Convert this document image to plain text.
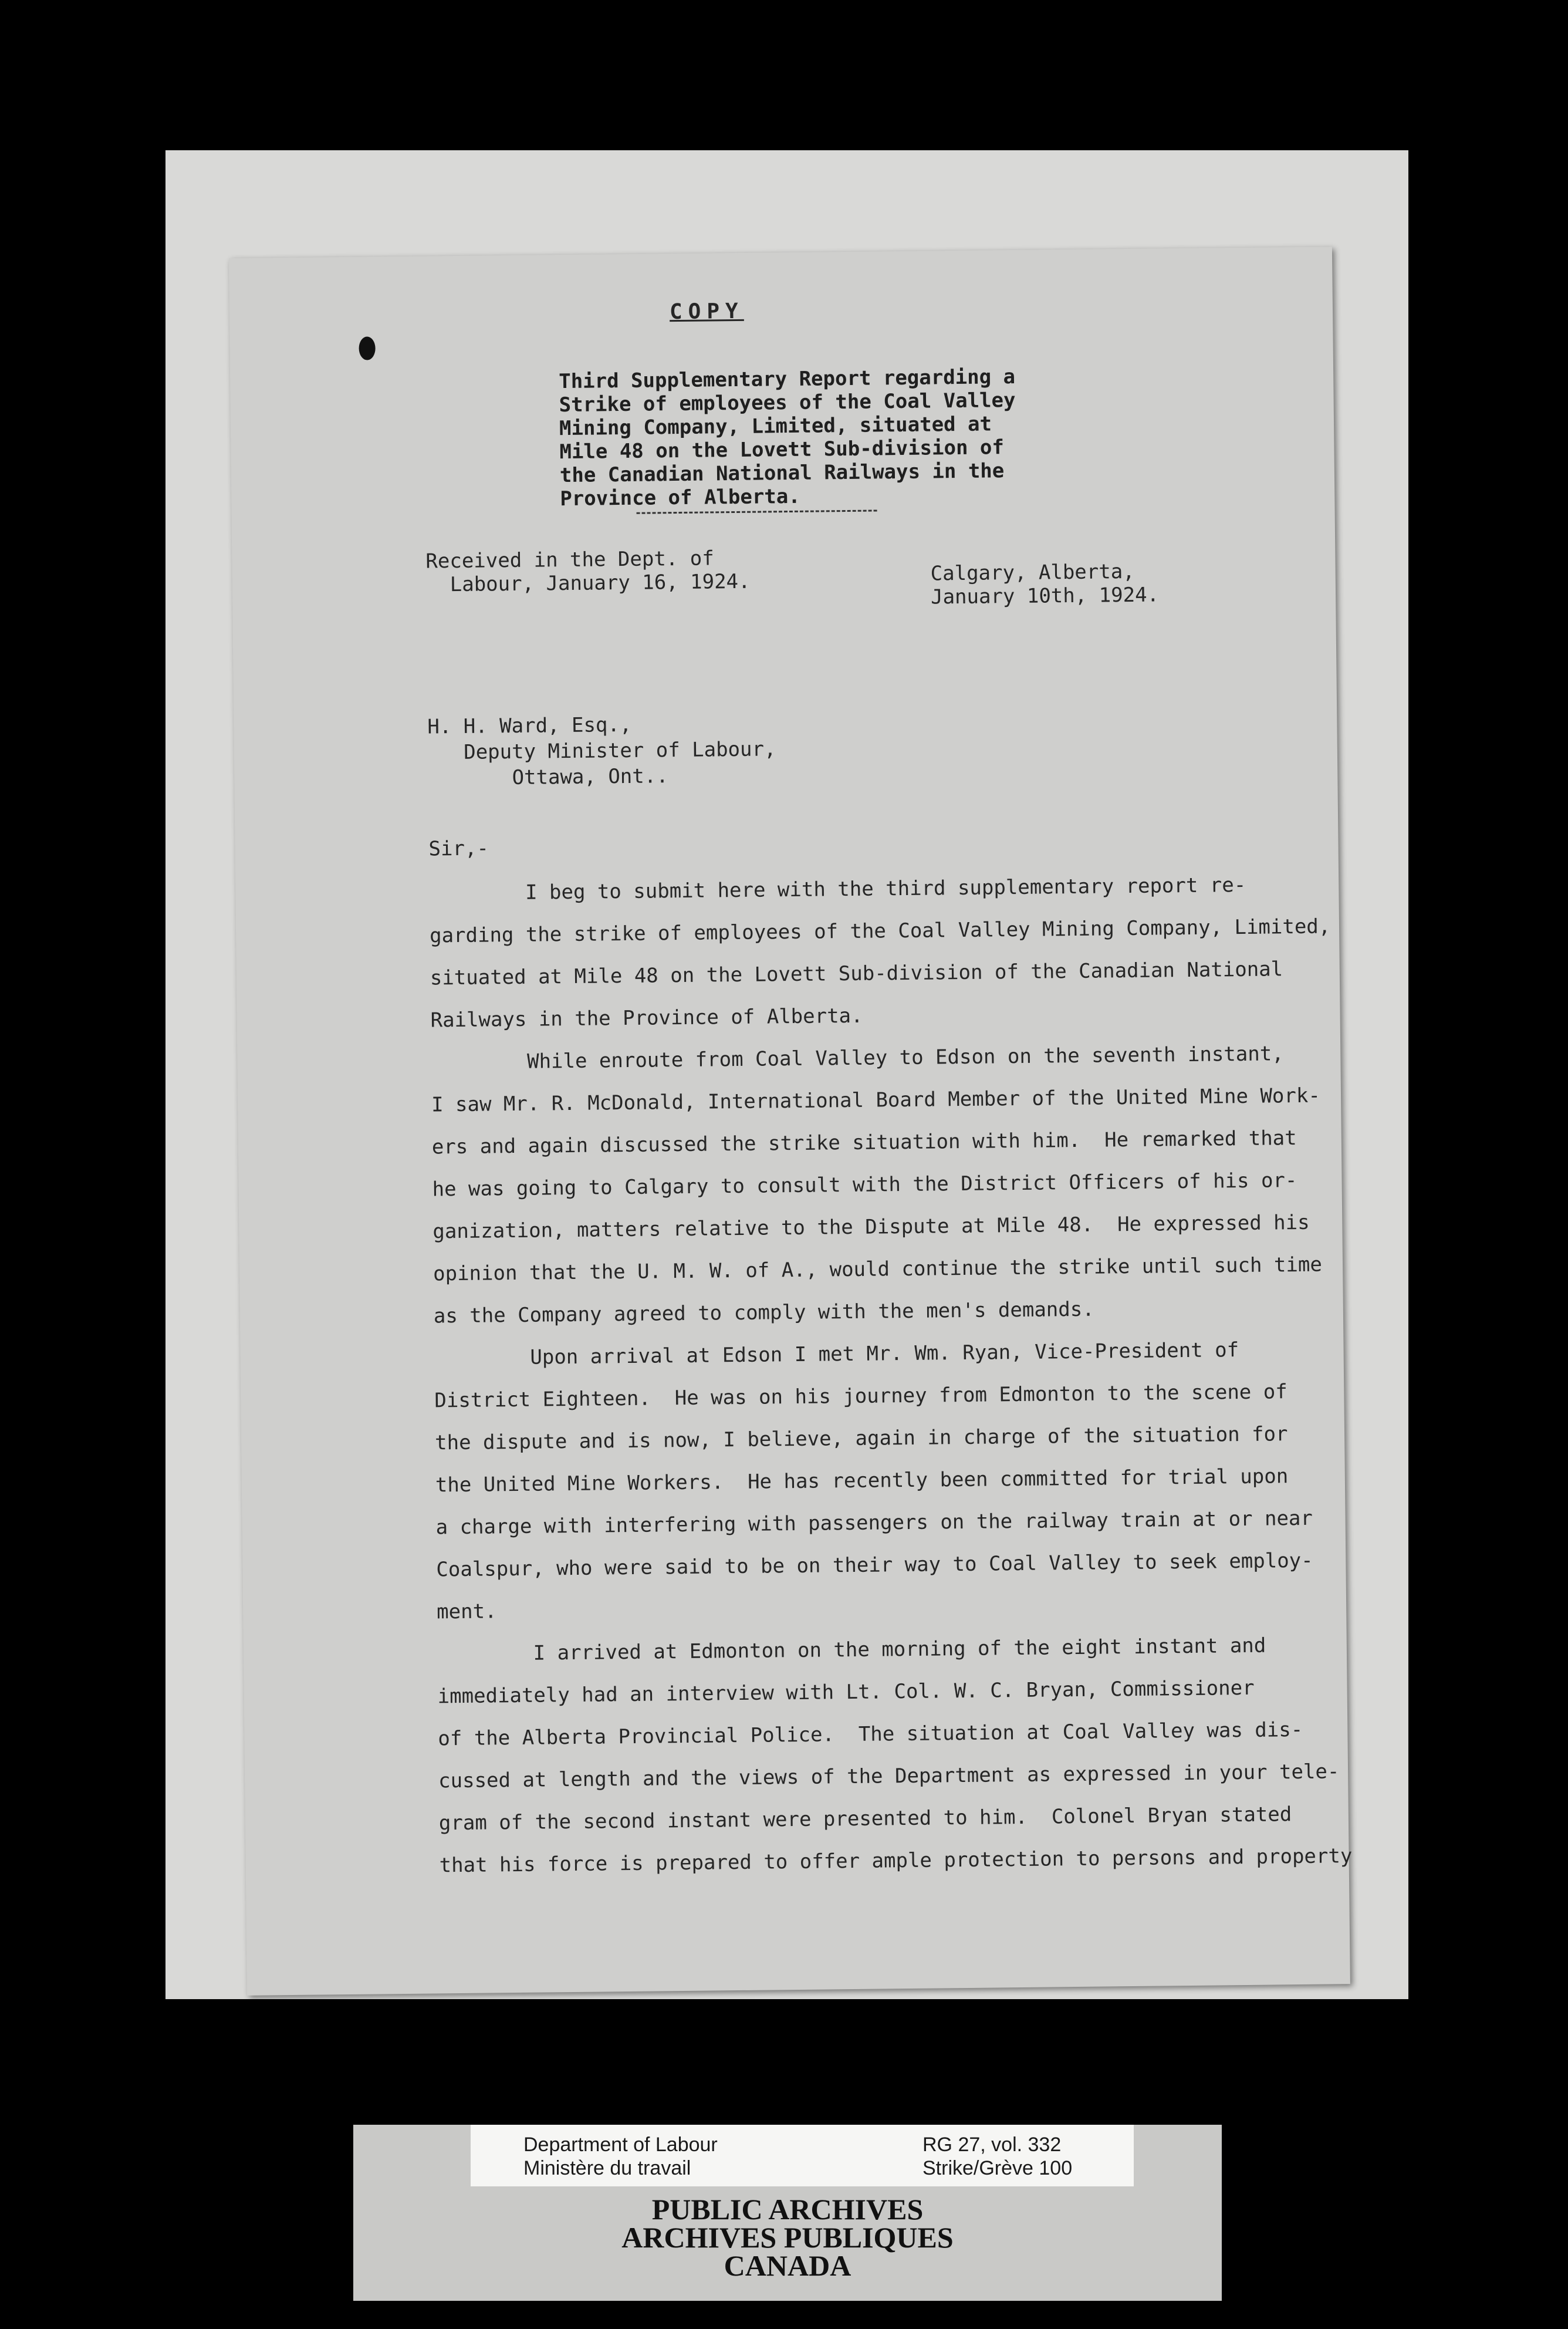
COPY
Third Supplementary Report regarding a
Strike of employees of the Coal Valley
Mining Company, Limited, situated at
Mile 48 on the Lovett Sub-division of
the Canadian National Railways in the
Province of Alberta.
Received in the Dept. of
Labour, January 16, 1924.	Calgary, Alberta,
January 10th, 1924.
H. H. Ward, Esq.,
Deputy Minister of Labour,
Ottawa, Ont..
Sir,-
I beg to submit here with the third supplementary report re-
garding the strike of employees of the Coal Valley Mining Company, Limited,
situated at Mile 48 on the Lovett Sub-division of the Canadian National
Railways in the Province of Alberta.
While enroute from Coal Valley to Edson on the seventh instant,
I saw Mr. R. McDonald, International Board Member of the United Mine Work-
ers and again discussed the strike situation with him.  He remarked that
he was going to Calgary to consult with the District Officers of his or-
ganization, matters relative to the Dispute at Mile 48.  He expressed his
opinion that the U. M. W. of A., would continue the strike until such time
as the Company agreed to comply with the men's demands.
Upon arrival at Edson I met Mr. Wm. Ryan, Vice-President of
District Eighteen.  He was on his journey from Edmonton to the scene of
the dispute and is now, I believe, again in charge of the situation for
the United Mine Workers.  He has recently been committed for trial upon
a charge with interfering with passengers on the railway train at or near
Coalspur, who were said to be on their way to Coal Valley to seek employ-
ment.
I arrived at Edmonton on the morning of the eight instant and
immediately had an interview with Lt. Col. W. C. Bryan, Commissioner
of the Alberta Provincial Police.  The situation at Coal Valley was dis-
cussed at length and the views of the Department as expressed in your tele-
gram of the second instant were presented to him.  Colonel Bryan stated
that his force is prepared to offer ample protection to persons and property
Department of Labour
Ministère du travail
RG 27, vol. 332
Strike/Grève 100
PUBLIC ARCHIVES
ARCHIVES PUBLIQUES
CANADA
